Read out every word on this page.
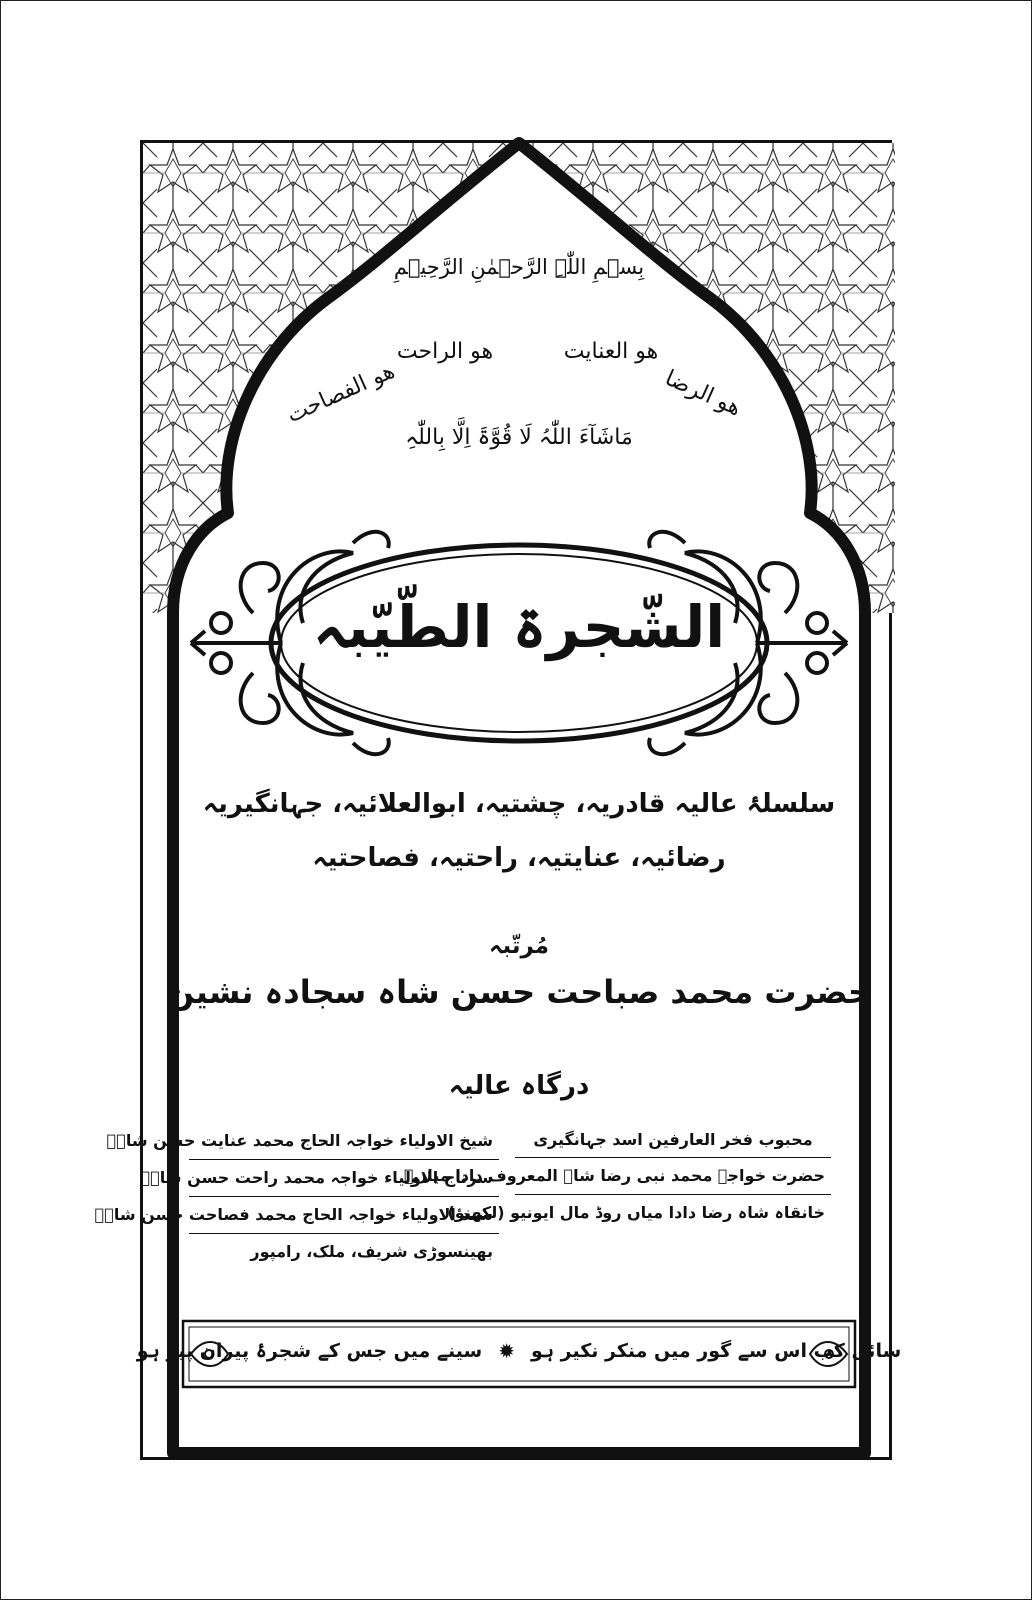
بِسۡمِ اللّٰہِ الرَّحۡمٰنِ الرَّحِیۡمِ
ھو الرضا
ھو العنایت
ھو الراحت
ھو الفصاحت
مَاشَآءَ اللّٰہُ لَا قُوَّۃَ اِلَّا بِاللّٰہِ
الشّجرۃ الطّیّبہ
سلسلۂ عالیہ قادریہ، چشتیہ، ابوالعلائیہ، جہانگیریہ
رضائیہ، عنایتیہ، راحتیہ، فصاحتیہ
مُرتّبہ
حضرت محمد صباحت حسن شاہ سجادہ نشین
درگاہ عالیہ
محبوب فخر العارفین اسد جہانگیری
حضرت خواجہ محمد نبی رضا شاہ المعروف دادا میاںؒ
خانقاہ شاہ رضا دادا میاں روڈ مال ایونیو (لکھنؤ)
شیخ الاولیاء خواجہ الحاج محمد عنایت حسن شاہؒ
سرتاج الاولیاء خواجہ محمد راحت حسن شاہؒ
سند الاولیاء خواجہ الحاج محمد فصاحت حسن شاہؒ
بھینسوڑی شریف، ملک، رامپور
سائل کب اس سے گور میں منکر نکیر ہو
✹
سینے میں جس کے شجرۂ پیران پیر ہو
